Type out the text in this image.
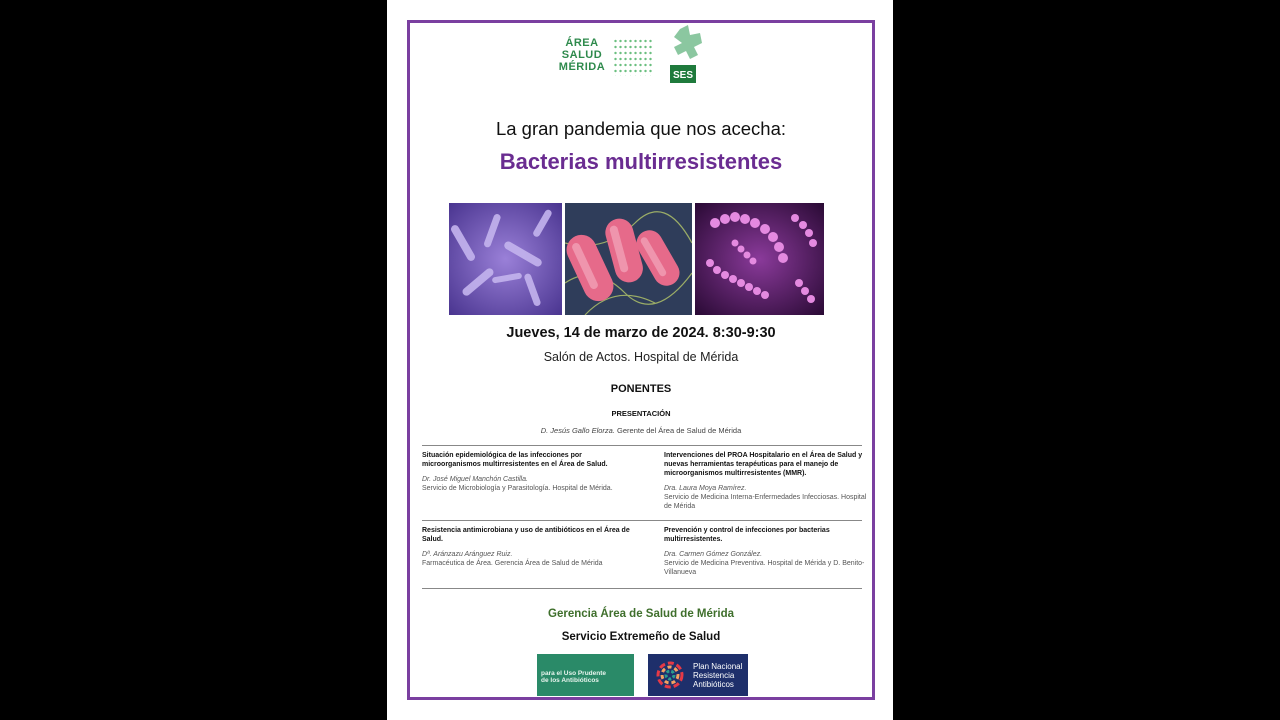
ÁREA
SALUD
MÉRIDA
SES
La gran pandemia que nos acecha:
Bacterias multirresistentes
Jueves, 14 de marzo de 2024. 8:30-9:30
Salón de Actos. Hospital de Mérida
PONENTES
PRESENTACIÓN
D. Jesús Gallo Elorza. Gerente del Área de Salud de Mérida
Situación epidemiológica de las infecciones por microorganismos multirresistentes en el Área de Salud.
Dr. José Miguel Manchón Castilla.
Servicio de Microbiología y Parasitología. Hospital de Mérida.
Intervenciones del PROA Hospitalario en el Área de Salud y nuevas herramientas terapéuticas para el manejo de microorganismos multirresistentes (MMR).
Dra. Laura Moya Ramírez.
Servicio de Medicina Interna-Enfermedades Infecciosas. Hospital de Mérida
Resistencia antimicrobiana y uso de antibióticos en el Área de Salud.
Dª. Aránzazu Aránguez Ruiz.
Farmacéutica de Área. Gerencia Área de Salud de Mérida
Prevención y control de infecciones por bacterias multirresistentes.
Dra. Carmen Gómez González.
Servicio de Medicina Preventiva. Hospital de Mérida y D. Benito-Villanueva
Gerencia Área de Salud de Mérida
Servicio Extremeño de Salud
para el Uso Prudente
de los Antibióticos
Plan Nacional
Resistencia
Antibióticos
